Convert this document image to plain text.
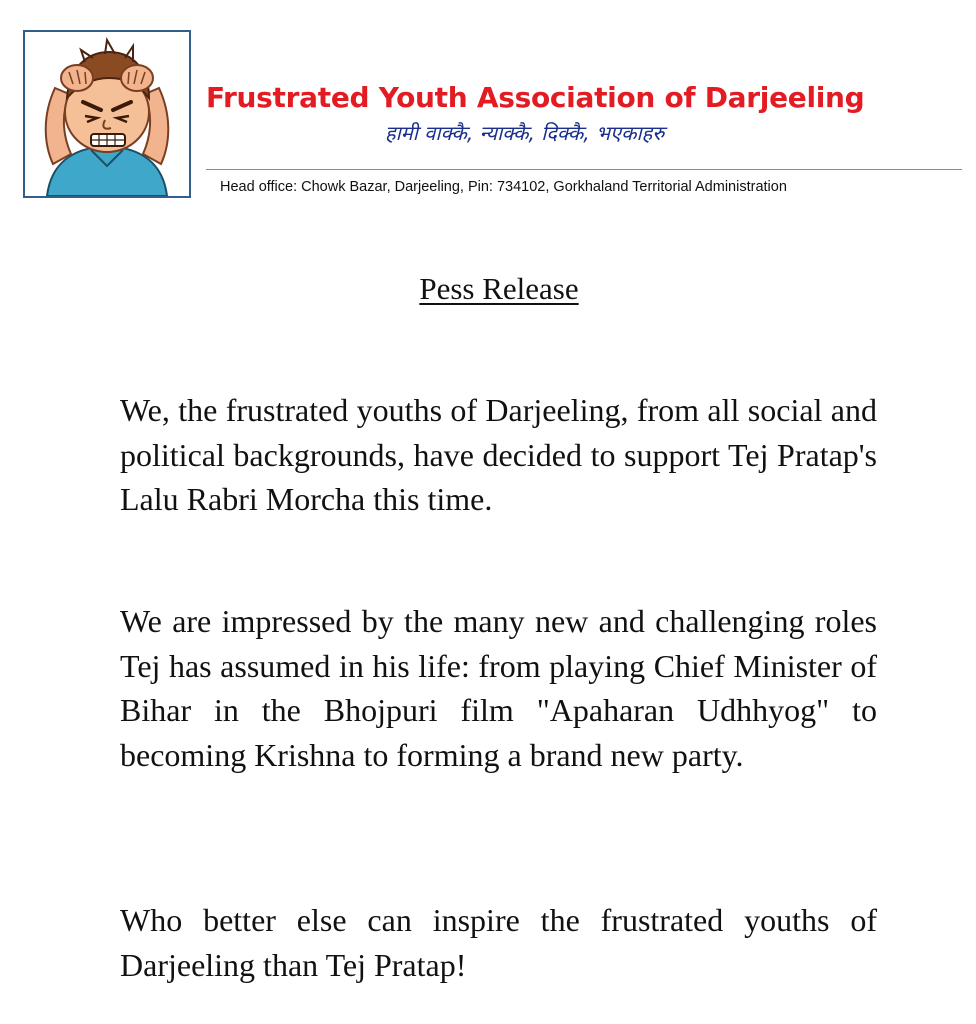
Frustrated Youth Association of Darjeeling
हामी वाक्कै, न्याक्कै, दिक्कै, भएकाहरु
Head office: Chowk Bazar, Darjeeling, Pin: 734102, Gorkhaland Territorial Administration
Pess Release

We, the frustrated youths of Darjeeling, from all social and political backgrounds, have decided to support Tej Pratap's Lalu Rabri Morcha this time.

We are impressed by the many new and challenging roles Tej has assumed in his life: from playing Chief Minister of Bihar in the Bhojpuri film "Apaharan Udhhyog" to becoming Krishna to forming a brand new party.

Who better else can inspire the frustrated youths of Darjeeling than Tej Pratap!
